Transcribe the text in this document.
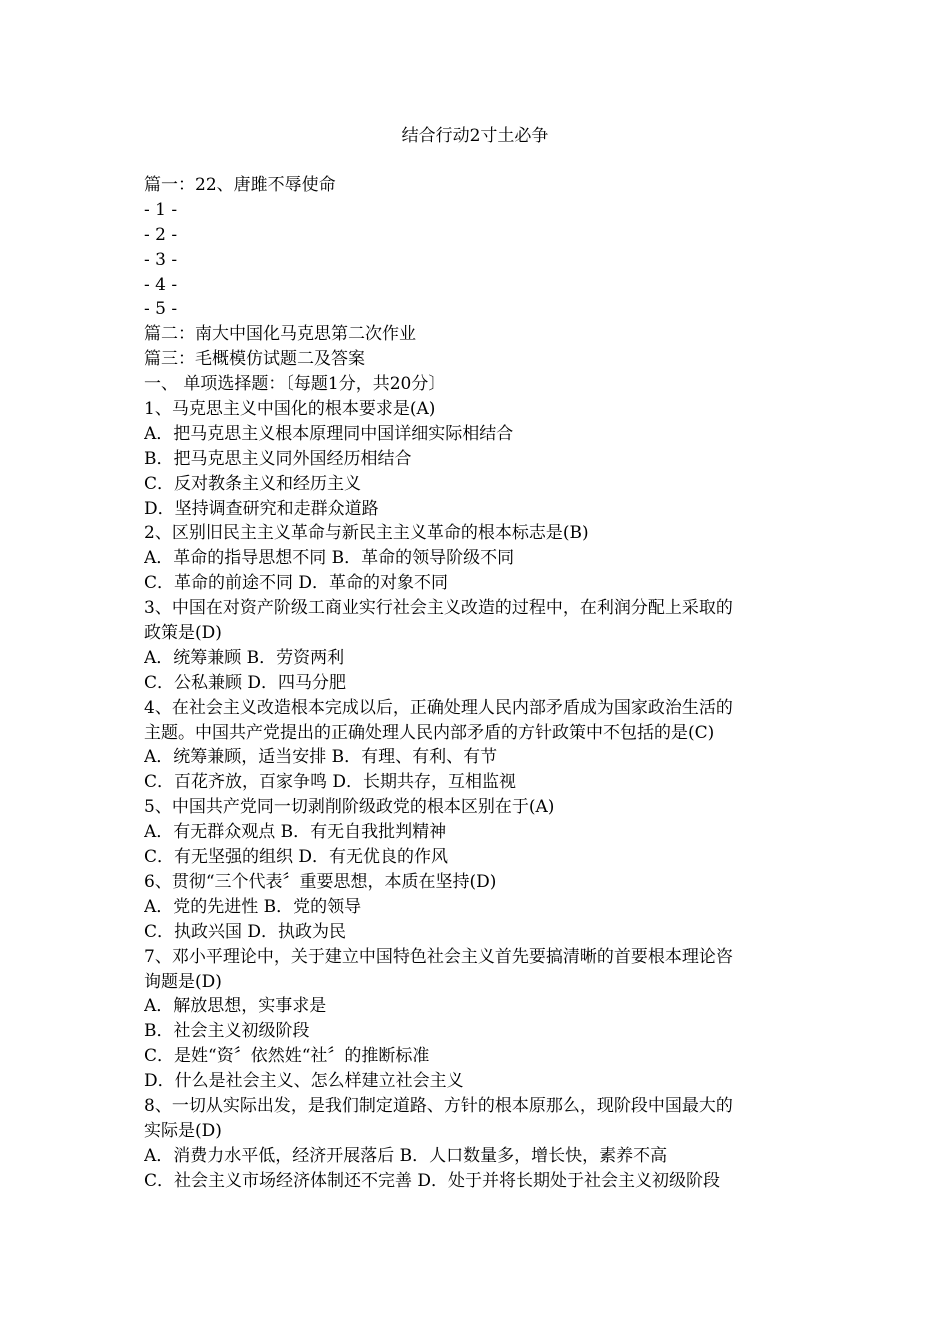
结合行动2寸土必争
篇一：22、唐雎不辱使命
- 1 -
- 2 -
- 3 -
- 4 -
- 5 -
篇二：南大中国化马克思第二次作业
篇三：毛概模仿试题二及答案
一、 单项选择题：〔每题1分，共20分〕
1、马克思主义中国化的根本要求是(A)
A．把马克思主义根本原理同中国详细实际相结合
B．把马克思主义同外国经历相结合
C．反对教条主义和经历主义
D．坚持调查研究和走群众道路
2、区别旧民主主义革命与新民主主义革命的根本标志是(B)
A．革命的指导思想不同 B．革命的领导阶级不同
C．革命的前途不同 D．革命的对象不同
3、中国在对资产阶级工商业实行社会主义改造的过程中，在利润分配上采取的
政策是(D)
A．统筹兼顾 B．劳资两利
C．公私兼顾 D．四马分肥
4、在社会主义改造根本完成以后，正确处理人民内部矛盾成为国家政治生活的
主题。中国共产党提出的正确处理人民内部矛盾的方针政策中不包括的是(C)
A．统筹兼顾，适当安排 B．有理、有利、有节
C．百花齐放，百家争鸣 D．长期共存，互相监视
5、中国共产党同一切剥削阶级政党的根本区别在于(A)
A．有无群众观点 B．有无自我批判精神
C．有无坚强的组织 D．有无优良的作风
6、贯彻“三个代表〞重要思想，本质在坚持(D)
A．党的先进性 B．党的领导
C．执政兴国 D．执政为民
7、邓小平理论中，关于建立中国特色社会主义首先要搞清晰的首要根本理论咨
询题是(D)
A．解放思想，实事求是
B．社会主义初级阶段
C．是姓“资〞依然姓“社〞的推断标准
D．什么是社会主义、怎么样建立社会主义
8、一切从实际出发，是我们制定道路、方针的根本原那么，现阶段中国最大的
实际是(D)
A．消费力水平低，经济开展落后 B．人口数量多，增长快，素养不高
C．社会主义市场经济体制还不完善 D．处于并将长期处于社会主义初级阶段
